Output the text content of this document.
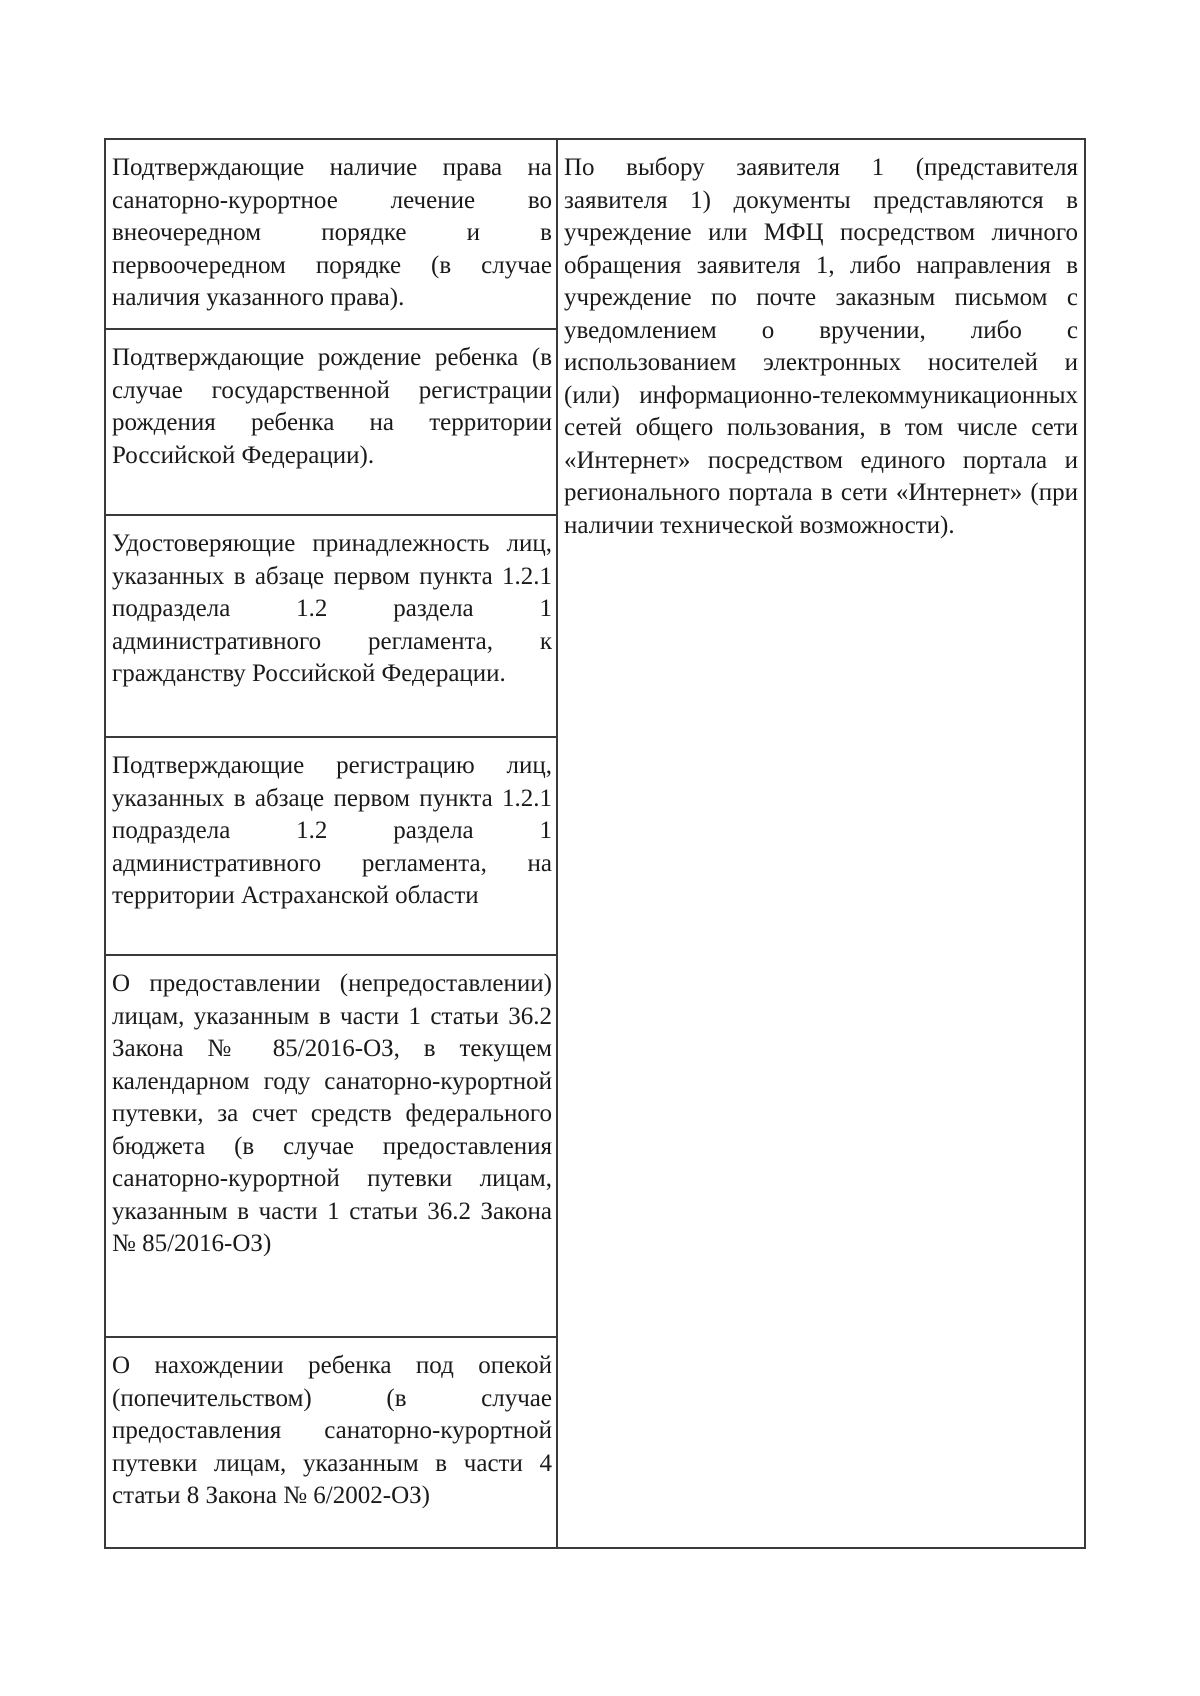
Подтверждающие наличие права на санаторно-курортное лечение во внеочередном порядке и в первоочередном порядке (в случае наличия указанного права).

Подтверждающие рождение ребенка (в случае государственной регистрации рождения ребенка на территории Российской Федерации).

Удостоверяющие принадлежность лиц, указанных в абзаце первом пункта 1.2.1 подраздела 1.2 раздела 1 административного регламента, к гражданству Российской Федерации.

Подтверждающие регистрацию лиц, указанных в абзаце первом пункта 1.2.1 подраздела 1.2 раздела 1 административного регламента, на территории Астраханской области

О предоставлении (непредоставлении) лицам, указанным в части 1 статьи 36.2 Закона № 85/2016-ОЗ, в текущем календарном году санаторно-курортной путевки, за счет средств федерального бюджета (в случае предоставления санаторно-курортной путевки лицам, указанным в части 1 статьи 36.2 Закона № 85/2016-ОЗ)

О нахождении ребенка под опекой (попечительством) (в случае предоставления санаторно-курортной путевки лицам, указанным в части 4 статьи 8 Закона № 6/2002-ОЗ)

По выбору заявителя 1 (представителя заявителя 1) документы представляются в учреждение или МФЦ посредством личного обращения заявителя 1, либо направления в учреждение по почте заказным письмом с уведомлением о вручении, либо с использованием электронных носителей и (или) информационно-телекоммуникационных сетей общего пользования, в том числе сети «Интернет» посредством единого портала и регионального портала в сети «Интернет» (при наличии технической возможности).
